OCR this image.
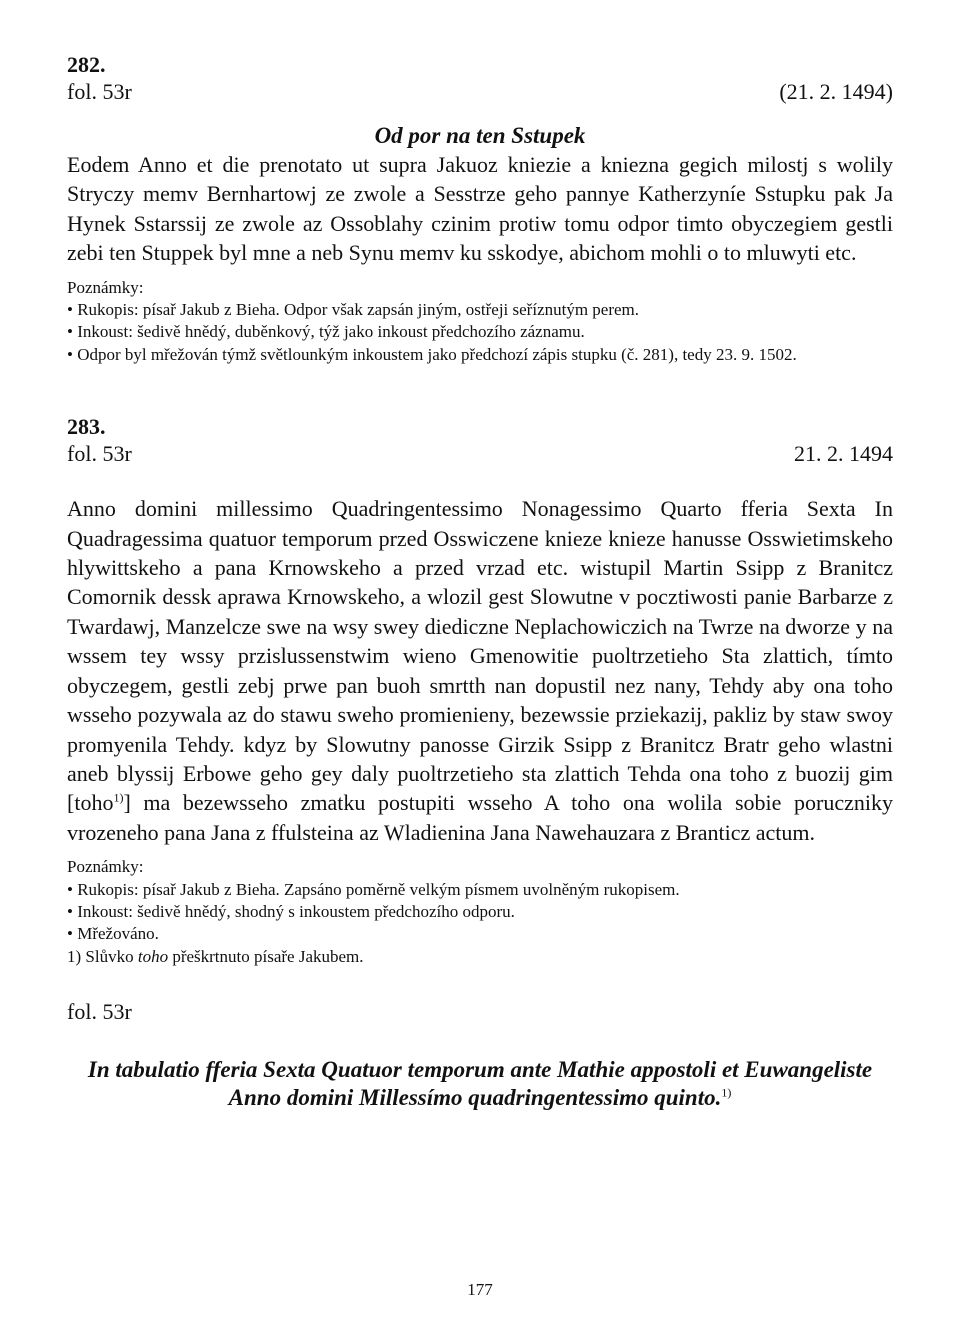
282.
fol. 53r	(21. 2. 1494)
Od por na ten Sstupek
Eodem Anno et die prenotato ut supra Jakuoz kniezie a kniezna gegich milostj s wolily Stryczy memv Bernhartowj ze zwole a Sesstrze geho pannye Katherzyníe Sstupku pak Ja Hynek Sstarssij ze zwole az Ossoblahy czinim protiw tomu odpor timto obyczegiem gestli zebi ten Stuppek byl mne a neb Synu memv ku sskodye, abichom mohli o to mluwyti etc.

Poznámky:

• Rukopis: písař Jakub z Bieha. Odpor však zapsán jiným, ostřeji seříznutým perem.

• Inkoust: šedivě hnědý, duběnkový, týž jako inkoust předchozího záznamu.

• Odpor byl mřežován týmž světlounkým inkoustem jako předchozí zápis stupku (č. 281), tedy 23. 9. 1502.

283.
fol. 53r	21. 2. 1494
Anno domini millessimo Quadringentessimo Nonagessimo Quarto fferia Sexta In Quadragessima quatuor temporum przed Osswiczene knieze knieze hanusse Osswietimskeho hlywittskeho a pana Krnowskeho a przed vrzad etc. wistupil Martin Ssipp z Branitcz Comornik dessk aprawa Krnowskeho, a wlozil gest Slowutne v pocztiwosti panie Barbarze z Twardawj, Manzelcze swe na wsy swey diediczne Neplachowiczich na Twrze na dworze y na wssem tey wssy przislussenstwim wieno Gmenowitie puoltrzetieho Sta zlattich, tímto obyczegem, gestli zebj prwe pan buoh smrtth nan dopustil nez nany, Tehdy aby ona toho wsseho pozywala az do stawu sweho promienieny, bezewssie prziekazij, pakliz by staw swoy promyenila Tehdy. kdyz by Slowutny panosse Girzik Ssipp z Branitcz Bratr geho wlastni aneb blyssij Erbowe geho gey daly puoltrzetieho sta zlattich Tehda ona toho z buozij gim [toho$^{1)}$] ma bezewsseho zmatku postupiti wsseho A toho ona wolila sobie poruczniky vrozeneho pana Jana z ffulsteina az Wladienina Jana Nawehauzara z Branticz actum.

Poznámky:

• Rukopis: písař Jakub z Bieha. Zapsáno poměrně velkým písmem uvolněným rukopisem.

• Inkoust: šedivě hnědý, shodný s inkoustem předchozího odporu.

• Mřežováno.

1) Slůvko toho přeškrtnuto písaře Jakubem.

fol. 53r
In tabulatio fferia Sexta Quatuor temporum ante Mathie appostoli et Euwangeliste
Anno domini Millessímo quadringentessimo quinto.$^{1)}$
177
